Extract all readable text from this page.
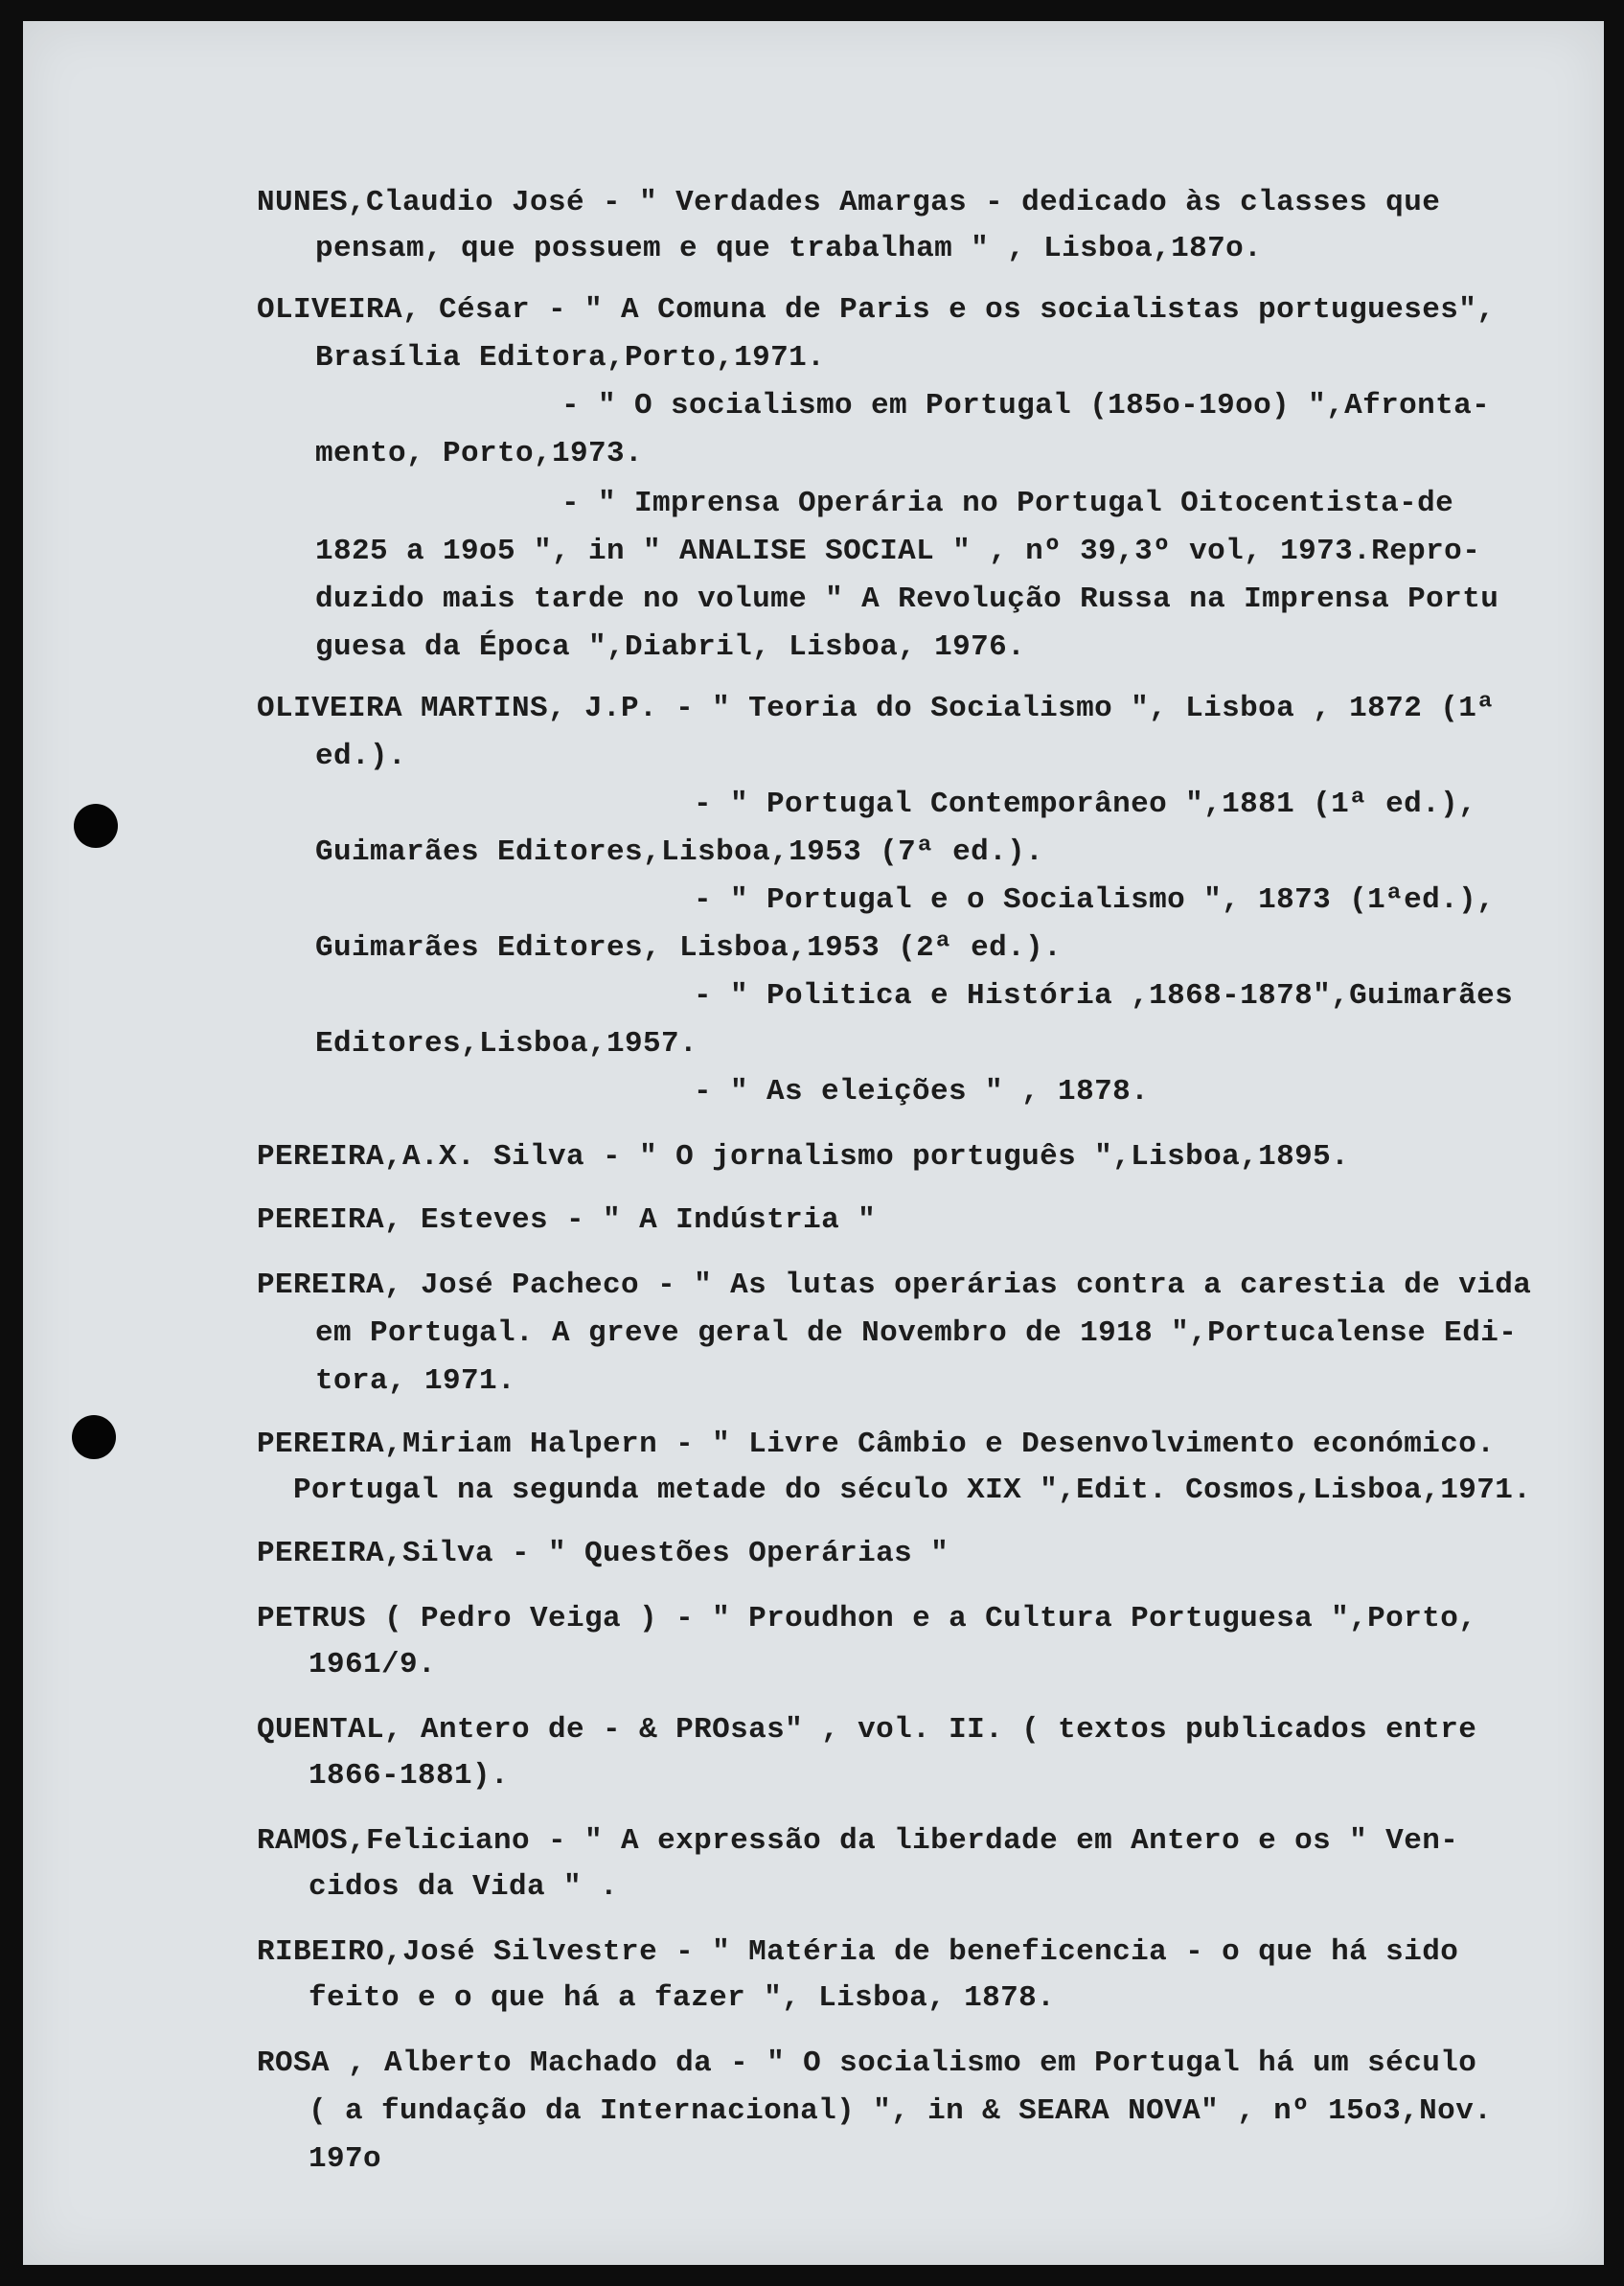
NUNES,Claudio José - " Verdades Amargas - dedicado às classes que
pensam, que possuem e que trabalham " , Lisboa,187o.
OLIVEIRA, César - " A Comuna de Paris e os socialistas portugueses",
Brasília Editora,Porto,1971.
- " O socialismo em Portugal (185o-19oo) ",Afronta-
mento, Porto,1973.
- " Imprensa Operária no Portugal Oitocentista-de
1825 a 19o5 ", in " ANALISE SOCIAL " , nº 39,3º vol, 1973.Repro-
duzido mais tarde no volume " A Revolução Russa na Imprensa Portu
guesa da Época ",Diabril, Lisboa, 1976.
OLIVEIRA MARTINS, J.P. - " Teoria do Socialismo ", Lisboa , 1872 (1ª
ed.).
- " Portugal Contemporâneo ",1881 (1ª ed.),
Guimarães Editores,Lisboa,1953 (7ª ed.).
- " Portugal e o Socialismo ", 1873 (1ªed.),
Guimarães Editores, Lisboa,1953 (2ª ed.).
- " Politica e História ,1868-1878",Guimarães
Editores,Lisboa,1957.
- " As eleições " , 1878.
PEREIRA,A.X. Silva - " O jornalismo português ",Lisboa,1895.
PEREIRA, Esteves - " A Indústria "
PEREIRA, José Pacheco - " As lutas operárias contra a carestia de vida
em Portugal. A greve geral de Novembro de 1918 ",Portucalense Edi-
tora, 1971.
PEREIRA,Miriam Halpern - " Livre Câmbio e Desenvolvimento económico.
Portugal na segunda metade do século XIX ",Edit. Cosmos,Lisboa,1971.
PEREIRA,Silva - " Questões Operárias "
PETRUS ( Pedro Veiga ) - " Proudhon e a Cultura Portuguesa ",Porto,
1961/9.
QUENTAL, Antero de - & PROsas" , vol. II. ( textos publicados entre
1866-1881).
RAMOS,Feliciano - " A expressão da liberdade em Antero e os " Ven-
cidos da Vida " .
RIBEIRO,José Silvestre - " Matéria de beneficencia - o que há sido
feito e o que há a fazer ", Lisboa, 1878.
ROSA , Alberto Machado da - " O socialismo em Portugal há um século
( a fundação da Internacional) ", in & SEARA NOVA" , nº 15o3,Nov.
197o
